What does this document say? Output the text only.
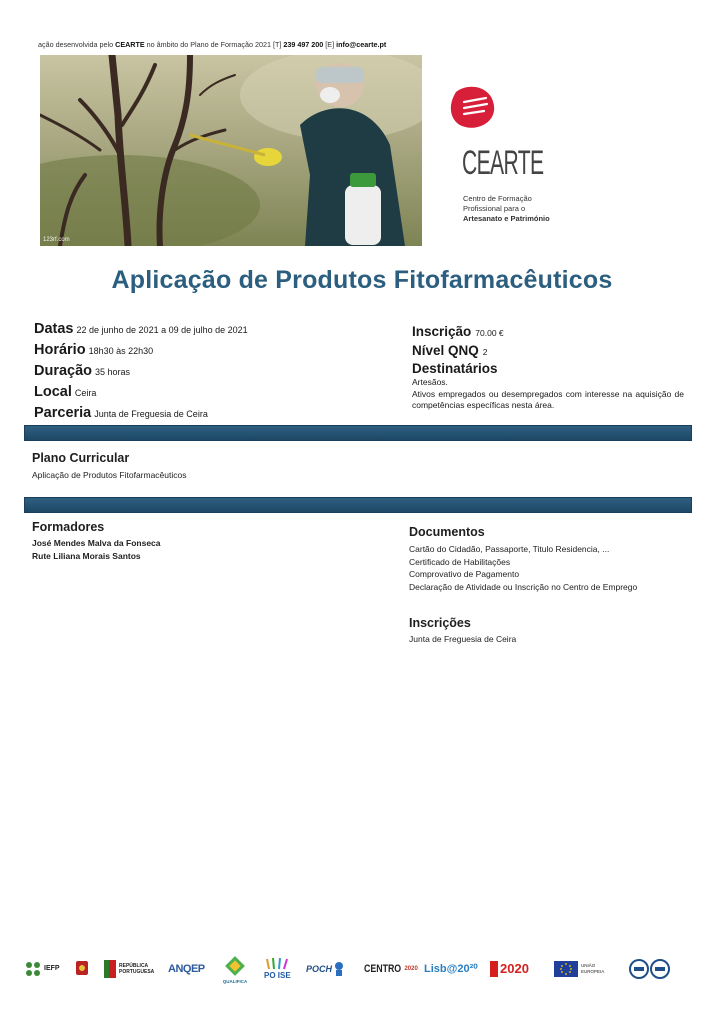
ação desenvolvida pelo CEARTE no âmbito do Plano de Formação 2021 [T] 239 497 200 [E] info@cearte.pt
123rf.com
CEARTE
Centro de Formação
Profissional para o
Artesanato e Património
Aplicação de Produtos Fitofarmacêuticos
Datas 22 de junho de 2021 a 09 de julho de 2021
Horário 18h30 às 22h30
Duração 35 horas
Local Ceira
Parceria Junta de Freguesia de Ceira
Inscrição 70.00 €
Nível QNQ 2
Destinatários
Artesãos.
Ativos empregados ou desempregados com interesse na aquisição de competências específicas nesta área.
Plano Curricular
Aplicação de Produtos Fitofarmacêuticos
Formadores
José Mendes Malva da Fonseca
Rute Liliana Morais Santos
Documentos
Cartão do Cidadão, Passaporte, Titulo Residencia, ...
Certificado de Habilitações
Comprovativo de Pagamento
Declaração de Atividade ou Inscrição no Centro de Emprego
Inscrições
Junta de Freguesia de Ceira
IEFP	REPÚBLICA PORTUGUESA	ANQEP
QUALIFICA
PO ISE
POCH	CENTRO 2020 Lisb@20²⁰ 2020	UNIÃO EUROPEIA
